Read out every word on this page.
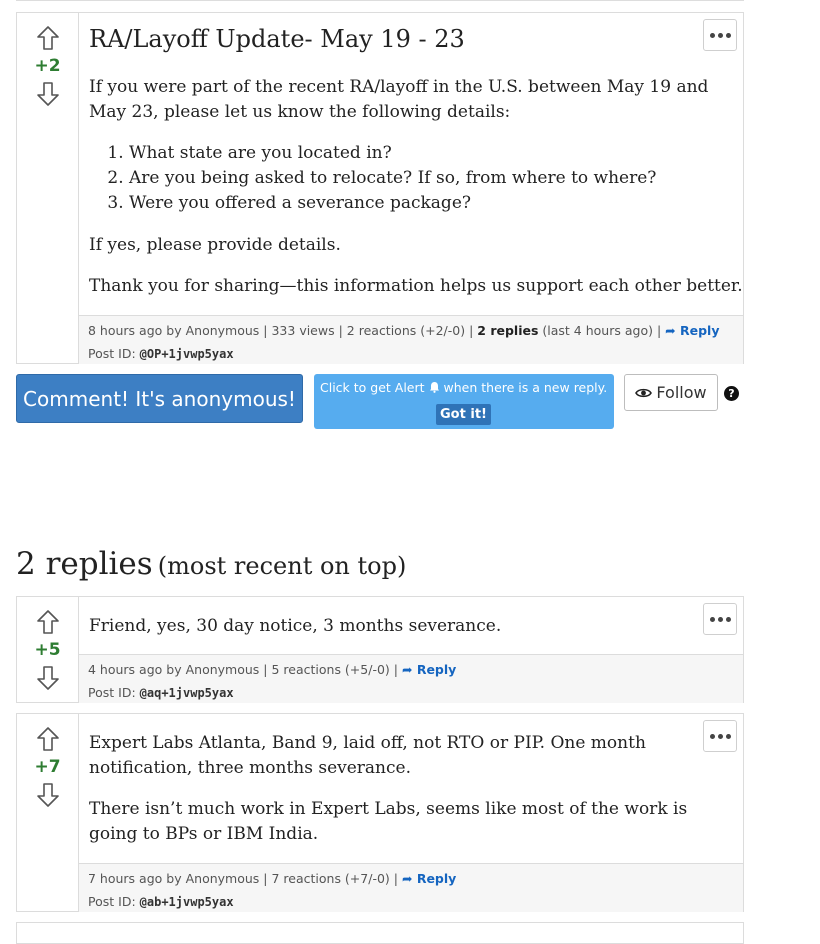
+2
RA/Layoff Update- May 19 - 23
If you were part of the recent RA/layoff in the U.S. between May 19 and May 23, please let us know the following details:
1. What state are you located in?
2. Are you being asked to relocate? If so, from where to where?
3. Were you offered a severance package?
If yes, please provide details.
Thank you for sharing—this information helps us support each other better.
8 hours ago by Anonymous | 333 views | 2 reactions (+2/-0) | 2 replies (last 4 hours ago) | ➦ Reply
Post ID: @OP+1jvwp5yax
Comment! It's anonymous!	Click to get Alert when there is a new reply.
Got it!
Follow	?
2 replies (most recent on top)
+5
Friend, yes, 30 day notice, 3 months severance.
4 hours ago by Anonymous | 5 reactions (+5/-0) | ➦ Reply
Post ID: @aq+1jvwp5yax
+7
Expert Labs Atlanta, Band 9, laid off, not RTO or PIP. One month notification, three months severance.
There isn’t much work in Expert Labs, seems like most of the work is going to BPs or IBM India.
7 hours ago by Anonymous | 7 reactions (+7/-0) | ➦ Reply
Post ID: @ab+1jvwp5yax
